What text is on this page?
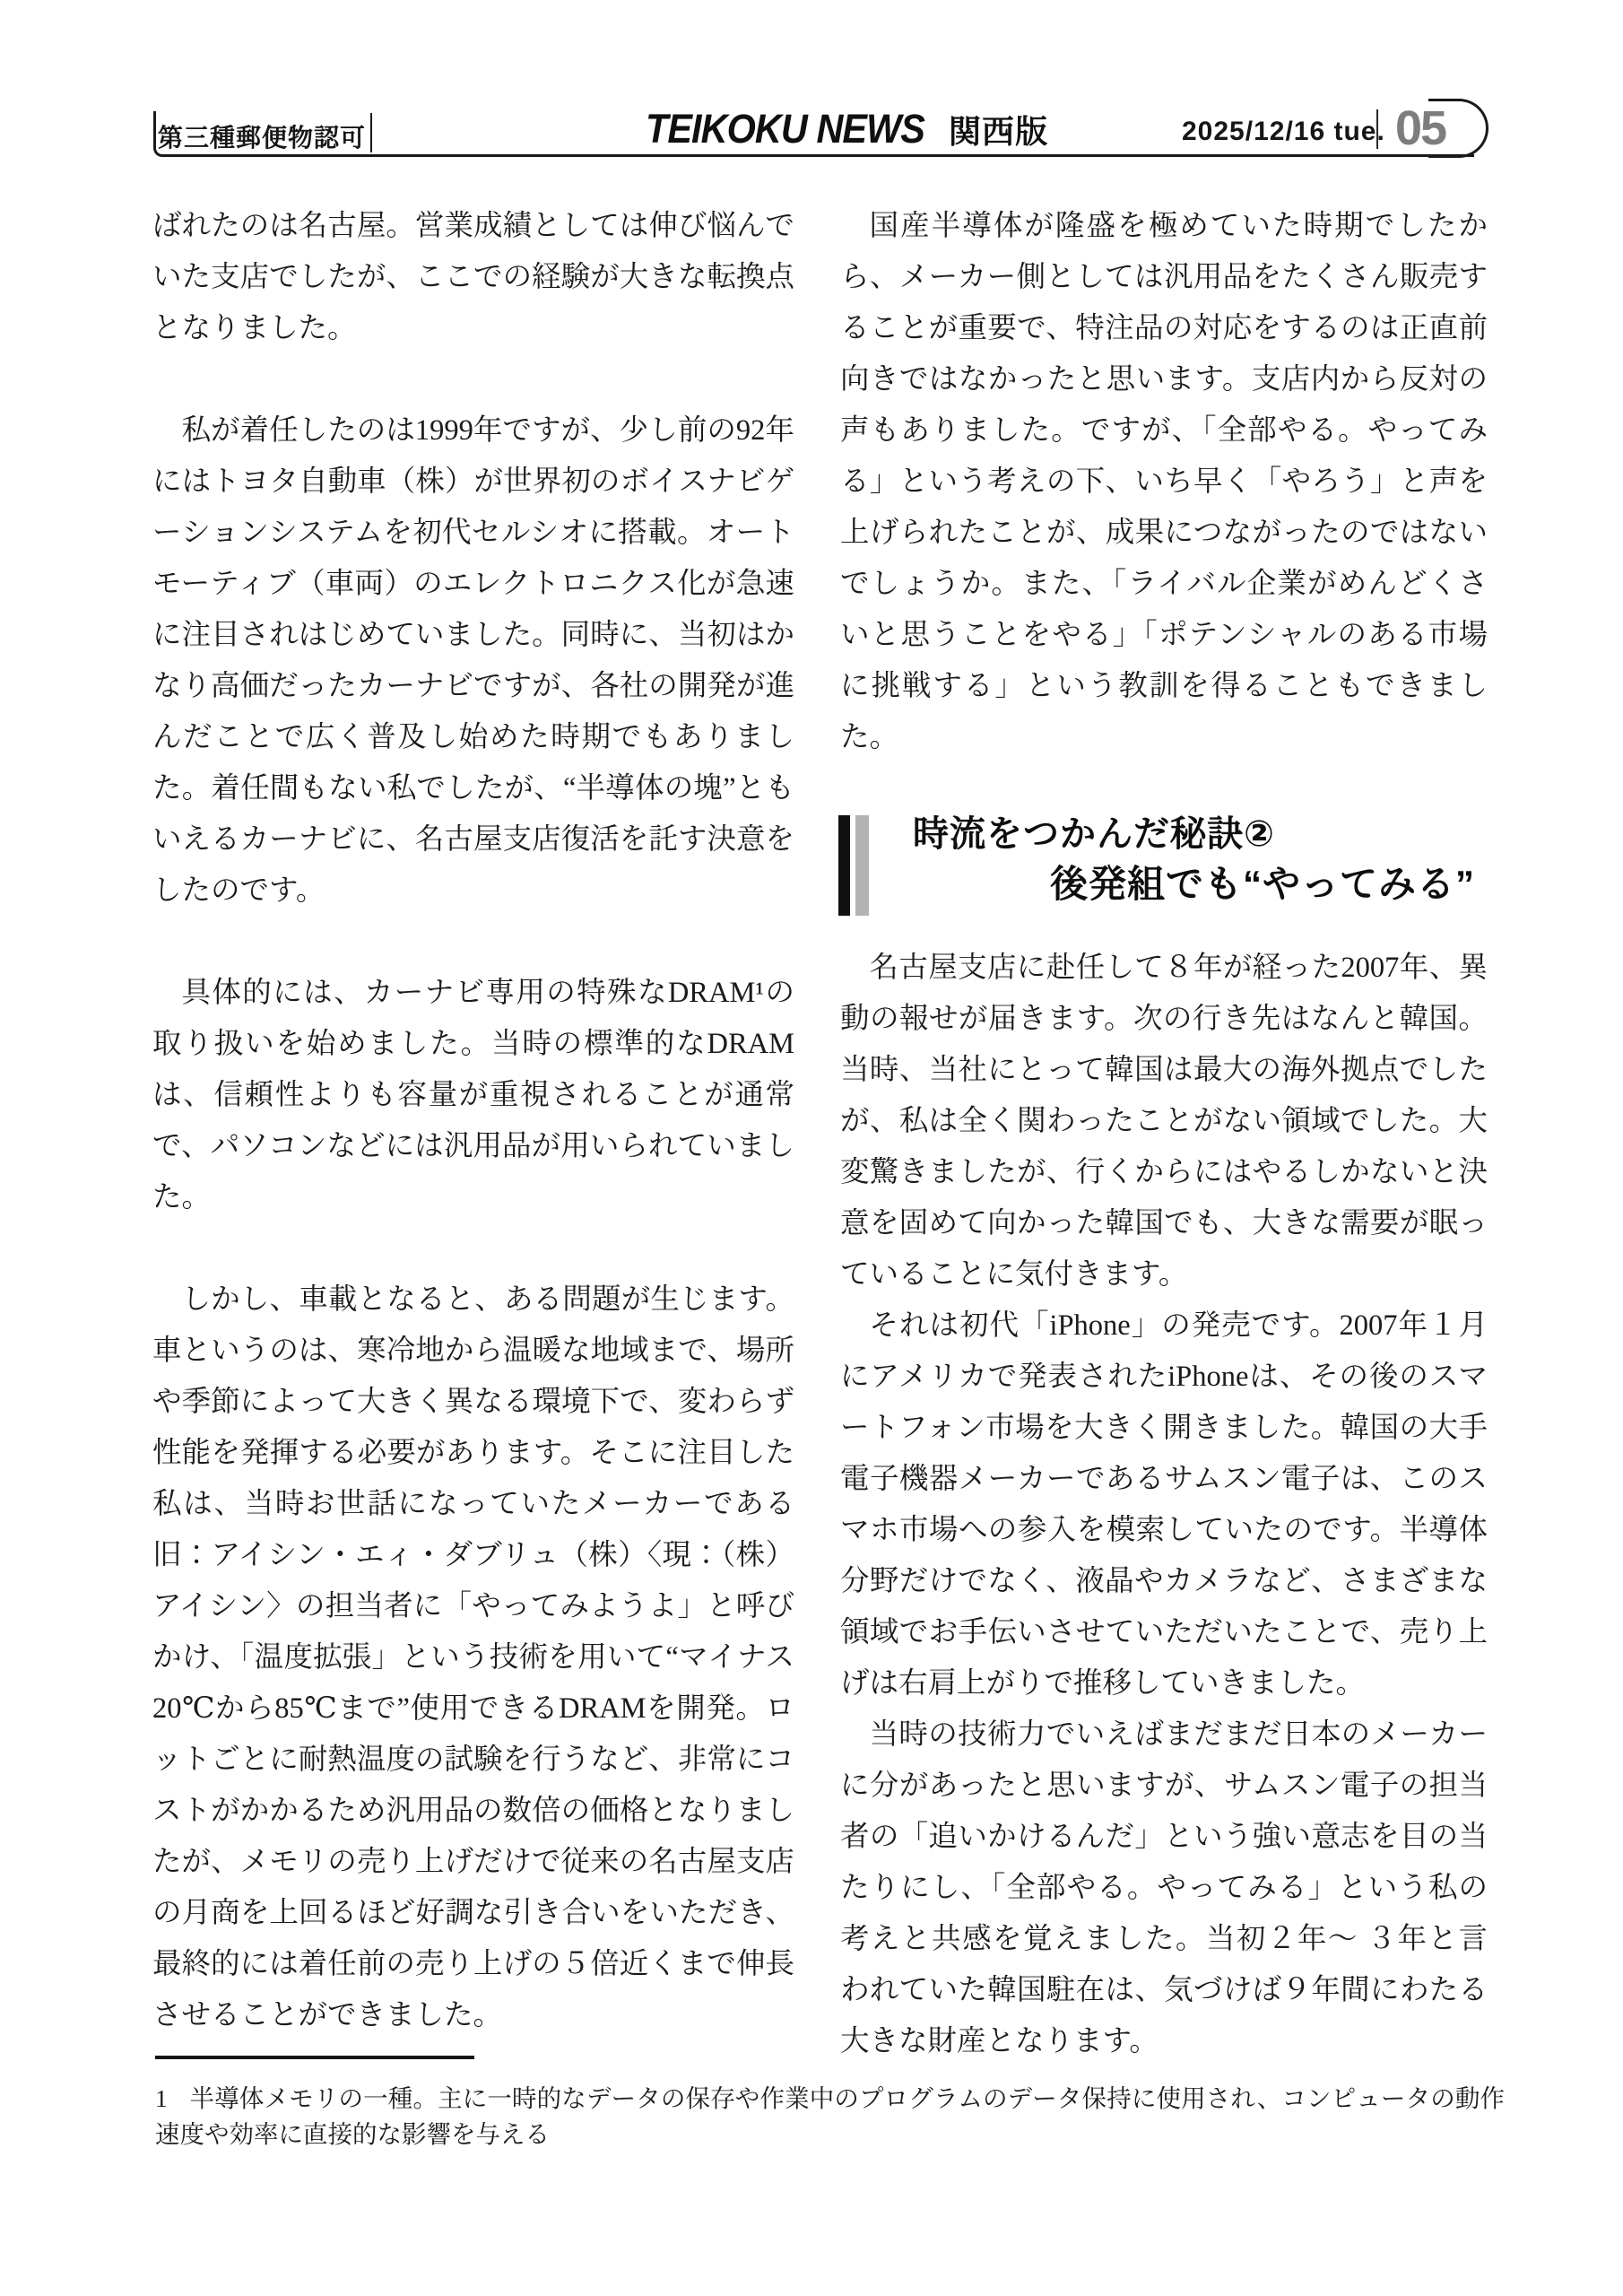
第三種郵便物認可	TEIKOKU NEWS 関西版	2025/12/16 tue. 05

ばれたのは名古屋。営業成績としては伸び悩んでいた支店でしたが、ここでの経験が大きな転換点となりました。

私が着任したのは1999年ですが、少し前の92年にはトヨタ自動車（株）が世界初のボイスナビゲーションシステムを初代セルシオに搭載。オートモーティブ（車両）のエレクトロニクス化が急速に注目されはじめていました。同時に、当初はかなり高価だったカーナビですが、各社の開発が進んだことで広く普及し始めた時期でもありました。着任間もない私でしたが、“半導体の塊”ともいえるカーナビに、名古屋支店復活を託す決意をしたのです。

具体的には、カーナビ専用の特殊なDRAM¹の取り扱いを始めました。当時の標準的なDRAMは、信頼性よりも容量が重視されることが通常で、パソコンなどには汎用品が用いられていました。

しかし、車載となると、ある問題が生じます。車というのは、寒冷地から温暖な地域まで、場所や季節によって大きく異なる環境下で、変わらず性能を発揮する必要があります。そこに注目した私は、当時お世話になっていたメーカーである旧：アイシン・エィ・ダブリュ（株）〈現：（株）アイシン〉の担当者に「やってみようよ」と呼びかけ、「温度拡張」という技術を用いて“マイナス20℃から85℃まで”使用できるDRAMを開発。ロットごとに耐熱温度の試験を行うなど、非常にコストがかかるため汎用品の数倍の価格となりましたが、メモリの売り上げだけで従来の名古屋支店の月商を上回るほど好調な引き合いをいただき、最終的には着任前の売り上げの５倍近くまで伸長させることができました。

国産半導体が隆盛を極めていた時期でしたから、メーカー側としては汎用品をたくさん販売することが重要で、特注品の対応をするのは正直前向きではなかったと思います。支店内から反対の声もありました。ですが、「全部やる。やってみる」という考えの下、いち早く「やろう」と声を上げられたことが、成果につながったのではないでしょうか。また、「ライバル企業がめんどくさいと思うことをやる」「ポテンシャルのある市場に挑戦する」という教訓を得ることもできました。

時流をつかんだ秘訣②
後発組でも“やってみる”

名古屋支店に赴任して８年が経った2007年、異動の報せが届きます。次の行き先はなんと韓国。当時、当社にとって韓国は最大の海外拠点でしたが、私は全く関わったことがない領域でした。大変驚きましたが、行くからにはやるしかないと決意を固めて向かった韓国でも、大きな需要が眠っていることに気付きます。

それは初代「iPhone」の発売です。2007年１月にアメリカで発表されたiPhoneは、その後のスマートフォン市場を大きく開きました。韓国の大手電子機器メーカーであるサムスン電子は、このスマホ市場への参入を模索していたのです。半導体分野だけでなく、液晶やカメラなど、さまざまな領域でお手伝いさせていただいたことで、売り上げは右肩上がりで推移していきました。

当時の技術力でいえばまだまだ日本のメーカーに分があったと思いますが、サムスン電子の担当者の「追いかけるんだ」という強い意志を目の当たりにし、「全部やる。やってみる」という私の考えと共感を覚えました。当初２年～ ３年と言われていた韓国駐在は、気づけば９年間にわたる大きな財産となります。

1 半導体メモリの一種。主に一時的なデータの保存や作業中のプログラムのデータ保持に使用され、コンピュータの動作速度や効率に直接的な影響を与える
